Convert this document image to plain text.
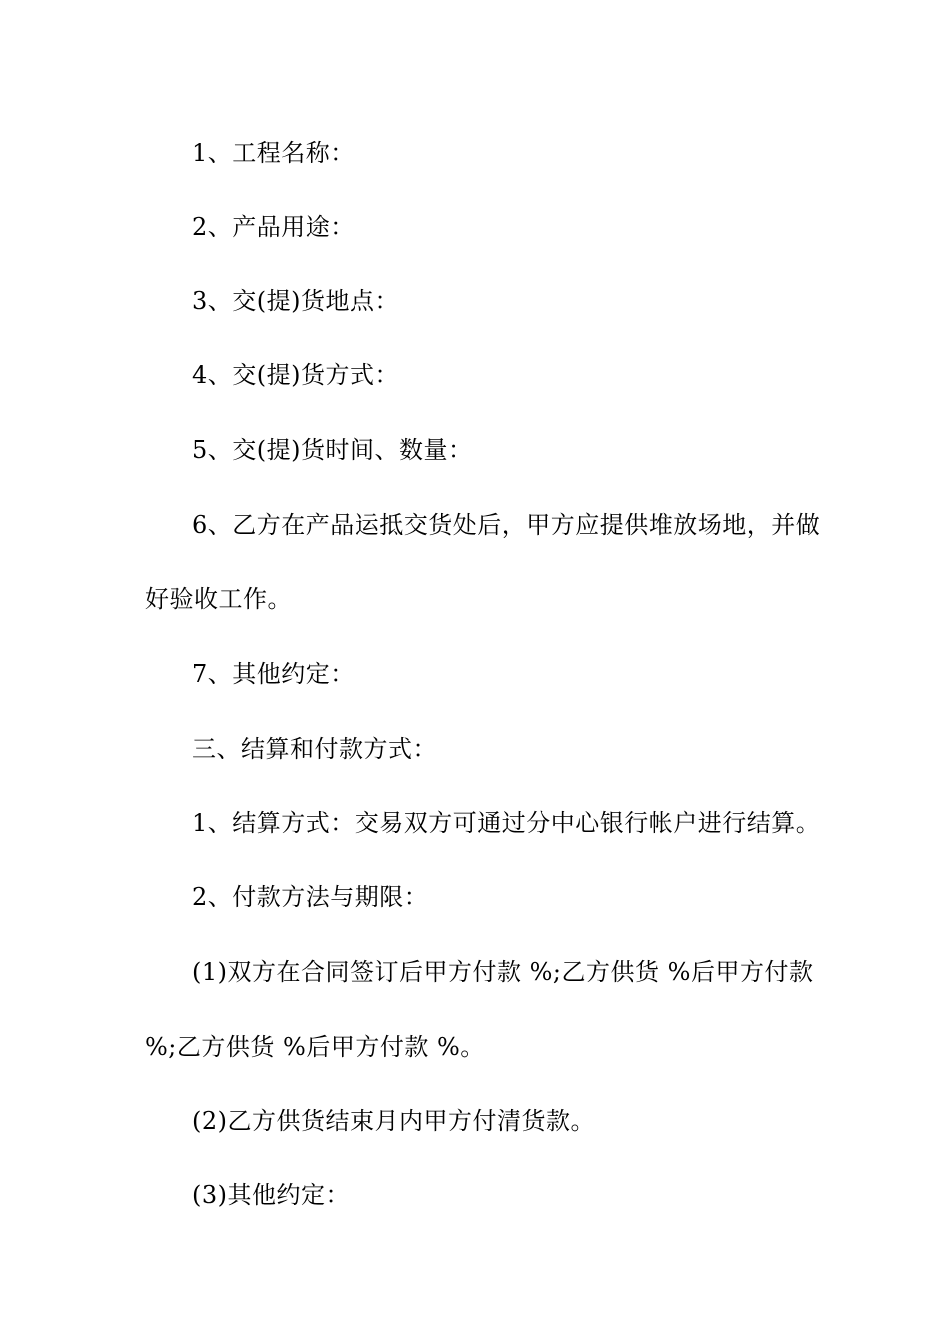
1、工程名称：
2、产品用途：
3、交(提)货地点：
4、交(提)货方式：
5、交(提)货时间、数量：
6、乙方在产品运抵交货处后，甲方应提供堆放场地，并做
好验收工作。
7、其他约定：
三、结算和付款方式：
1、结算方式：交易双方可通过分中心银行帐户进行结算。
2、付款方法与期限：
(1)双方在合同签订后甲方付款 %;乙方供货 %后甲方付款
%;乙方供货 %后甲方付款 %。
(2)乙方供货结束月内甲方付清货款。
(3)其他约定：
